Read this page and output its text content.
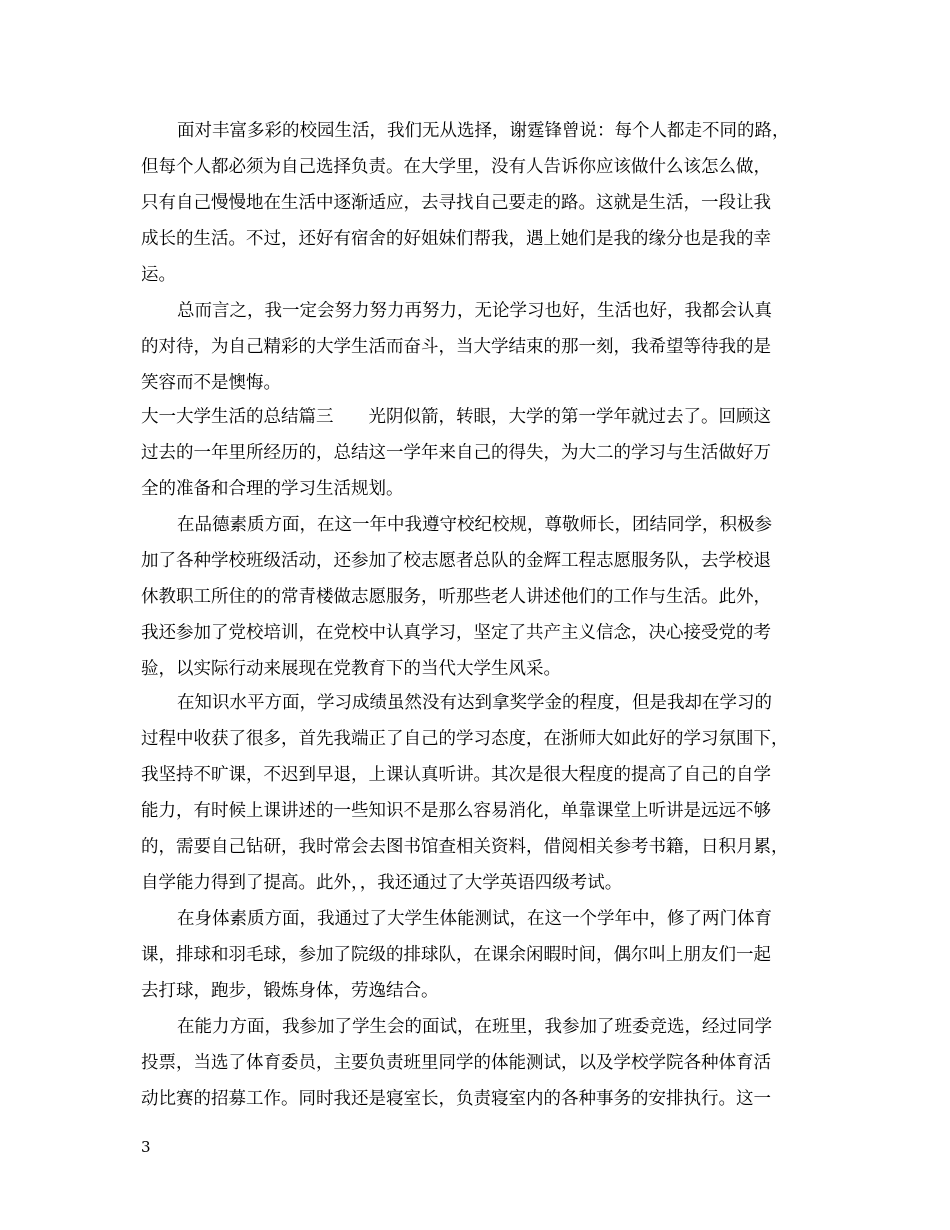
面对丰富多彩的校园生活，我们无从选择，谢霆锋曾说：每个人都走不同的路，
但每个人都必须为自己选择负责。在大学里，没有人告诉你应该做什么该怎么做，
只有自己慢慢地在生活中逐渐适应，去寻找自己要走的路。这就是生活，一段让我
成长的生活。不过，还好有宿舍的好姐妹们帮我，遇上她们是我的缘分也是我的幸
运。
总而言之，我一定会努力努力再努力，无论学习也好，生活也好，我都会认真
的对待，为自己精彩的大学生活而奋斗，当大学结束的那一刻，我希望等待我的是
笑容而不是懊悔。
大一大学生活的总结篇三　　光阴似箭，转眼，大学的第一学年就过去了。回顾这
过去的一年里所经历的，总结这一学年来自己的得失，为大二的学习与生活做好万
全的准备和合理的学习生活规划。
在品德素质方面，在这一年中我遵守校纪校规，尊敬师长，团结同学，积极参
加了各种学校班级活动，还参加了校志愿者总队的金辉工程志愿服务队，去学校退
休教职工所住的的常青楼做志愿服务，听那些老人讲述他们的工作与生活。此外，
我还参加了党校培训，在党校中认真学习，坚定了共产主义信念，决心接受党的考
验，以实际行动来展现在党教育下的当代大学生风采。
在知识水平方面，学习成绩虽然没有达到拿奖学金的程度，但是我却在学习的
过程中收获了很多，首先我端正了自己的学习态度，在浙师大如此好的学习氛围下，
我坚持不旷课，不迟到早退，上课认真听讲。其次是很大程度的提高了自己的自学
能力，有时候上课讲述的一些知识不是那么容易消化，单靠课堂上听讲是远远不够
的，需要自己钻研，我时常会去图书馆查相关资料，借阅相关参考书籍，日积月累，
自学能力得到了提高。此外，，我还通过了大学英语四级考试。
在身体素质方面，我通过了大学生体能测试，在这一个学年中，修了两门体育
课，排球和羽毛球，参加了院级的排球队，在课余闲暇时间，偶尔叫上朋友们一起
去打球，跑步，锻炼身体，劳逸结合。
在能力方面，我参加了学生会的面试，在班里，我参加了班委竞选，经过同学
投票，当选了体育委员，主要负责班里同学的体能测试，以及学校学院各种体育活
动比赛的招募工作。同时我还是寝室长，负责寝室内的各种事务的安排执行。这一
3
